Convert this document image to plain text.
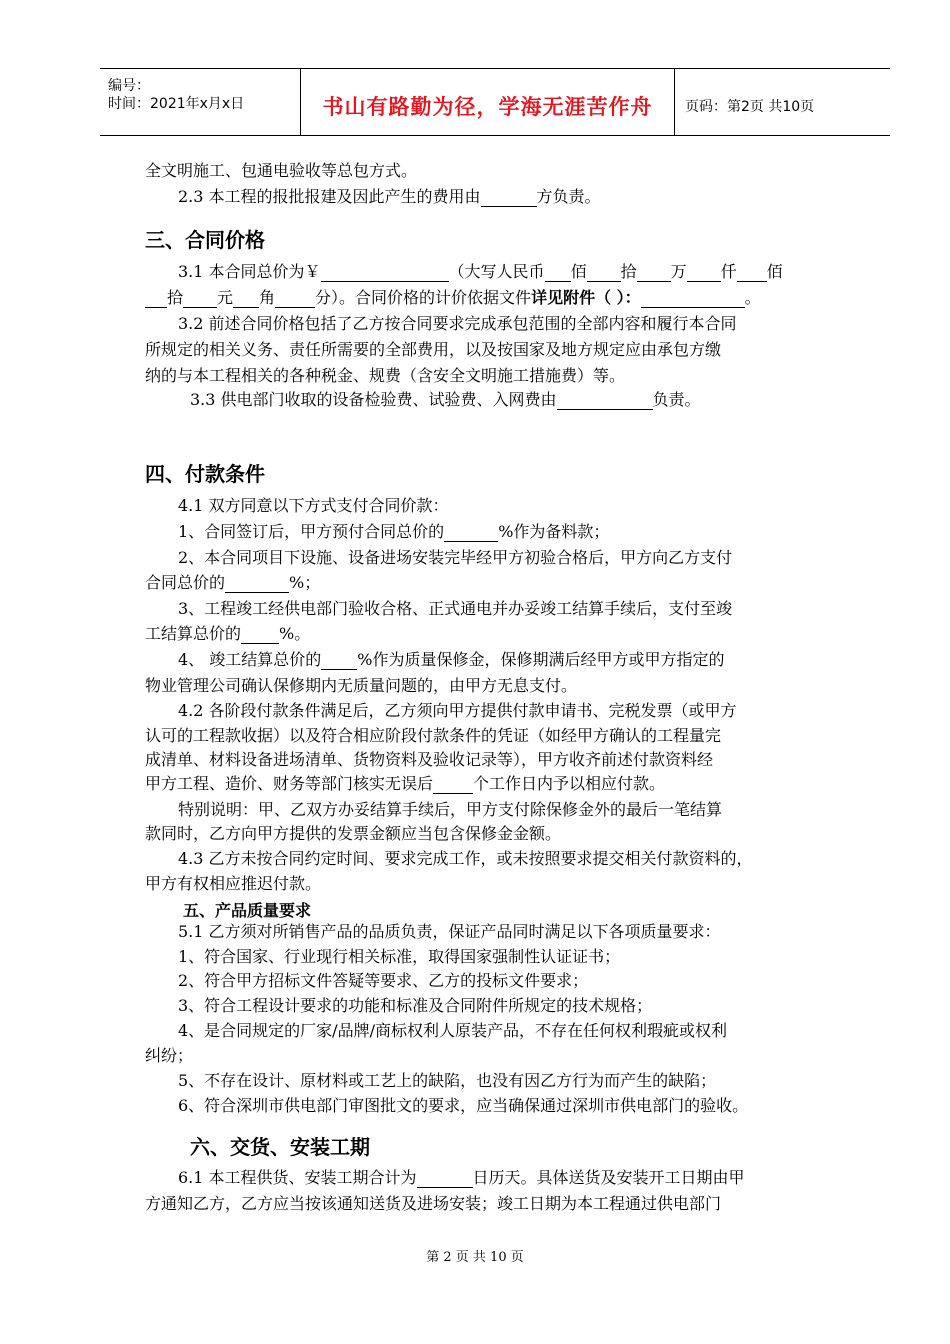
编号：
时间：2021年x月x日	书山有路勤为径，学海无涯苦作舟	页码：第2页 共10页
全文明施工、包通电验收等总包方式。
2.3 本工程的报批报建及因此产生的费用由	方负责。
三、合同价格
3.1 本合同总价为￥	（大写人民币 佰 拾 万 仟 佰
拾 元 角	分）。合同价格的计价依据文件详见附件（ ）：	。
3.2 前述合同价格包括了乙方按合同要求完成承包范围的全部内容和履行本合同
所规定的相关义务、责任所需要的全部费用，以及按国家及地方规定应由承包方缴
纳的与本工程相关的各种税金、规费（含安全文明施工措施费）等。
3.3 供电部门收取的设备检验费、试验费、入网费由	负责。
四、付款条件
4.1 双方同意以下方式支付合同价款：
1、合同签订后，甲方预付合同总价的	%作为备料款；
2、本合同项目下设施、设备进场安装完毕经甲方初验合格后，甲方向乙方支付
合同总价的	%；
3、工程竣工经供电部门验收合格、正式通电并办妥竣工结算手续后，支付至竣
工结算总价的 %。
4、 竣工结算总价的 %作为质量保修金，保修期满后经甲方或甲方指定的
物业管理公司确认保修期内无质量问题的，由甲方无息支付。
4.2 各阶段付款条件满足后，乙方须向甲方提供付款申请书、完税发票（或甲方
认可的工程款收据）以及符合相应阶段付款条件的凭证（如经甲方确认的工程量完
成清单、材料设备进场清单、货物资料及验收记录等），甲方收齐前述付款资料经
甲方工程、造价、财务等部门核实无误后	个工作日内予以相应付款。
特别说明：甲、乙双方办妥结算手续后，甲方支付除保修金外的最后一笔结算
款同时，乙方向甲方提供的发票金额应当包含保修金金额。
4.3 乙方未按合同约定时间、要求完成工作，或未按照要求提交相关付款资料的，
甲方有权相应推迟付款。
五、产品质量要求
5.1 乙方须对所销售产品的品质负责，保证产品同时满足以下各项质量要求：
1、符合国家、行业现行相关标准，取得国家强制性认证证书；
2、符合甲方招标文件答疑等要求、乙方的投标文件要求；
3、符合工程设计要求的功能和标准及合同附件所规定的技术规格；
4、是合同规定的厂家/品牌/商标权利人原装产品，不存在任何权利瑕疵或权利
纠纷；
5、不存在设计、原材料或工艺上的缺陷，也没有因乙方行为而产生的缺陷；
6、符合深圳市供电部门审图批文的要求，应当确保通过深圳市供电部门的验收。
六、交货、安装工期
6.1 本工程供货、安装工期合计为	日历天。具体送货及安装开工日期由甲
方通知乙方，乙方应当按该通知送货及进场安装；竣工日期为本工程通过供电部门
第 2 页 共 10 页
